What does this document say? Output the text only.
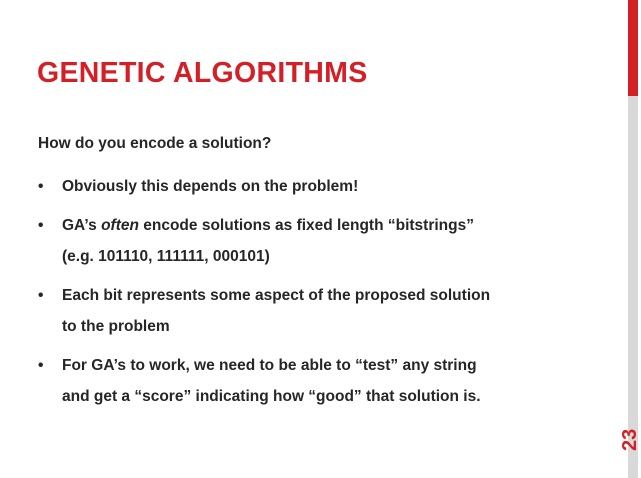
GENETIC ALGORITHMS
How do you encode a solution?
• Obviously this depends on the problem!
• GA’s often encode solutions as fixed length “bitstrings”
(e.g. 101110, 111111, 000101)
• Each bit represents some aspect of the proposed solution
to the problem
• For GA’s to work, we need to be able to “test” any string
and get a “score” indicating how “good” that solution is.
23
